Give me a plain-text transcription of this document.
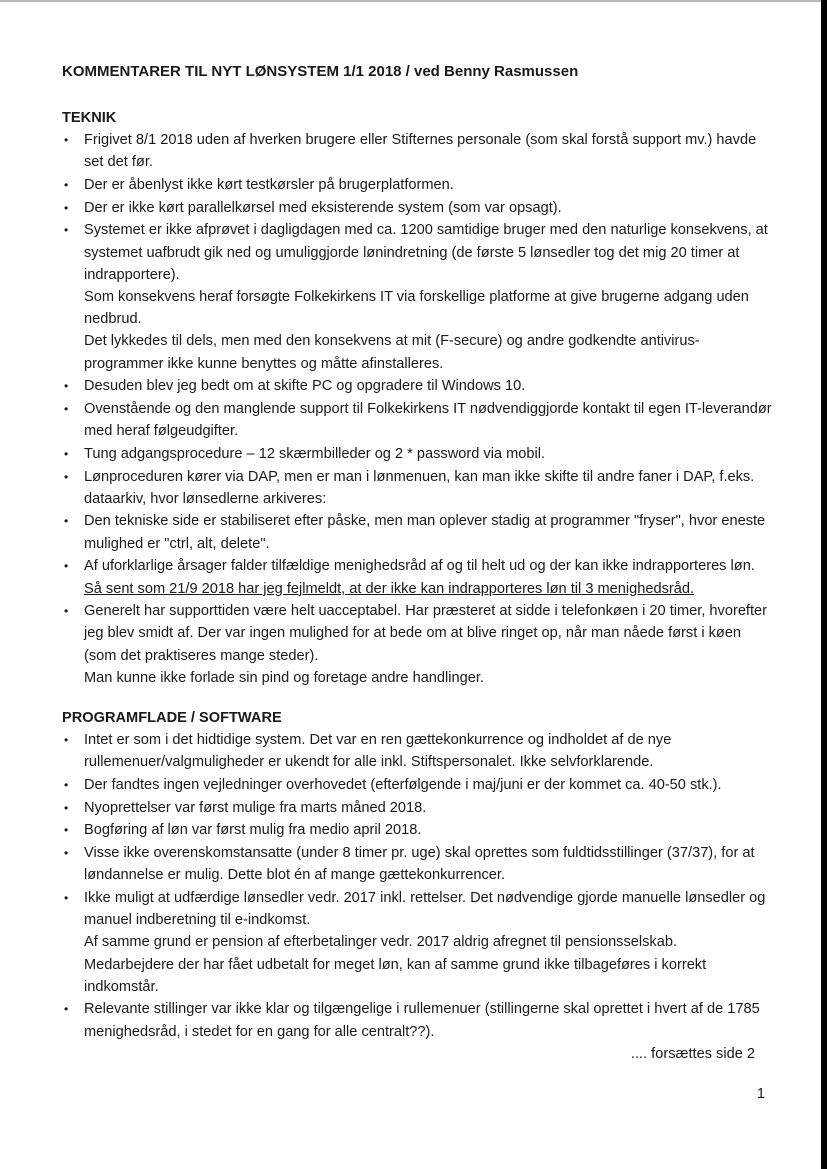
KOMMENTARER TIL NYT LØNSYSTEM 1/1 2018 / ved Benny Rasmussen
TEKNIK
• Frigivet 8/1 2018 uden af hverken brugere eller Stifternes personale (som skal forstå support mv.) havde set det før.
• Der er åbenlyst ikke kørt testkørsler på brugerplatformen.
• Der er ikke kørt parallelkørsel med eksisterende system (som var opsagt).
• Systemet er ikke afprøvet i dagligdagen med ca. 1200 samtidige bruger med den naturlige konsekvens, at systemet uafbrudt gik ned og umuliggjorde lønindretning (de første 5 lønsedler tog det mig 20 timer at indrapportere).
Som konsekvens heraf forsøgte Folkekirkens IT via forskellige platforme at give brugerne adgang uden nedbrud.
Det lykkedes til dels, men med den konsekvens at mit (F-secure) og andre godkendte antivirus-programmer ikke kunne benyttes og måtte afinstalleres.
• Desuden blev jeg bedt om at skifte PC og opgradere til Windows 10.
• Ovenstående og den manglende support til Folkekirkens IT nødvendiggjorde kontakt til egen IT-leverandør med heraf følgeudgifter.
• Tung adgangsprocedure – 12 skærmbilleder og 2 * password via mobil.
• Lønproceduren kører via DAP, men er man i lønmenuen, kan man ikke skifte til andre faner i DAP, f.eks. dataarkiv, hvor lønsedlerne arkiveres:
• Den tekniske side er stabiliseret efter påske, men man oplever stadig at programmer "fryser", hvor eneste mulighed er "ctrl, alt, delete".
• Af uforklarlige årsager falder tilfældige menighedsråd af og til helt ud og der kan ikke indrapporteres løn. Så sent som 21/9 2018 har jeg fejlmeldt, at der ikke kan indrapporteres løn til 3 menighedsråd.
• Generelt har supporttiden være helt uacceptabel. Har præsteret at sidde i telefonkøen i 20 timer, hvorefter jeg blev smidt af. Der var ingen mulighed for at bede om at blive ringet op, når man nåede først i køen (som det praktiseres mange steder).
Man kunne ikke forlade sin pind og foretage andre handlinger.
PROGRAMFLADE / SOFTWARE
• Intet er som i det hidtidige system. Det var en ren gættekonkurrence og indholdet af de nye rullemenuer/valgmuligheder er ukendt for alle inkl. Stiftspersonalet. Ikke selvforklarende.
• Der fandtes ingen vejledninger overhovedet (efterfølgende i maj/juni er der kommet ca. 40-50 stk.).
• Nyoprettelser var først mulige fra marts måned 2018.
• Bogføring af løn var først mulig fra medio april 2018.
• Visse ikke overenskomstansatte (under 8 timer pr. uge) skal oprettes som fuldtidsstillinger (37/37), for at løndannelse er mulig. Dette blot én af mange gættekonkurrencer.
• Ikke muligt at udfærdige lønsedler vedr. 2017 inkl. rettelser. Det nødvendige gjorde manuelle lønsedler og manuel indberetning til e-indkomst.
Af samme grund er pension af efterbetalinger vedr. 2017 aldrig afregnet til pensionsselskab.
Medarbejdere der har fået udbetalt for meget løn, kan af samme grund ikke tilbageføres i korrekt indkomstår.
• Relevante stillinger var ikke klar og tilgængelige i rullemenuer (stillingerne skal oprettet i hvert af de 1785 menighedsråd, i stedet for en gang for alle centralt??).
.... forsættes side 2
1
